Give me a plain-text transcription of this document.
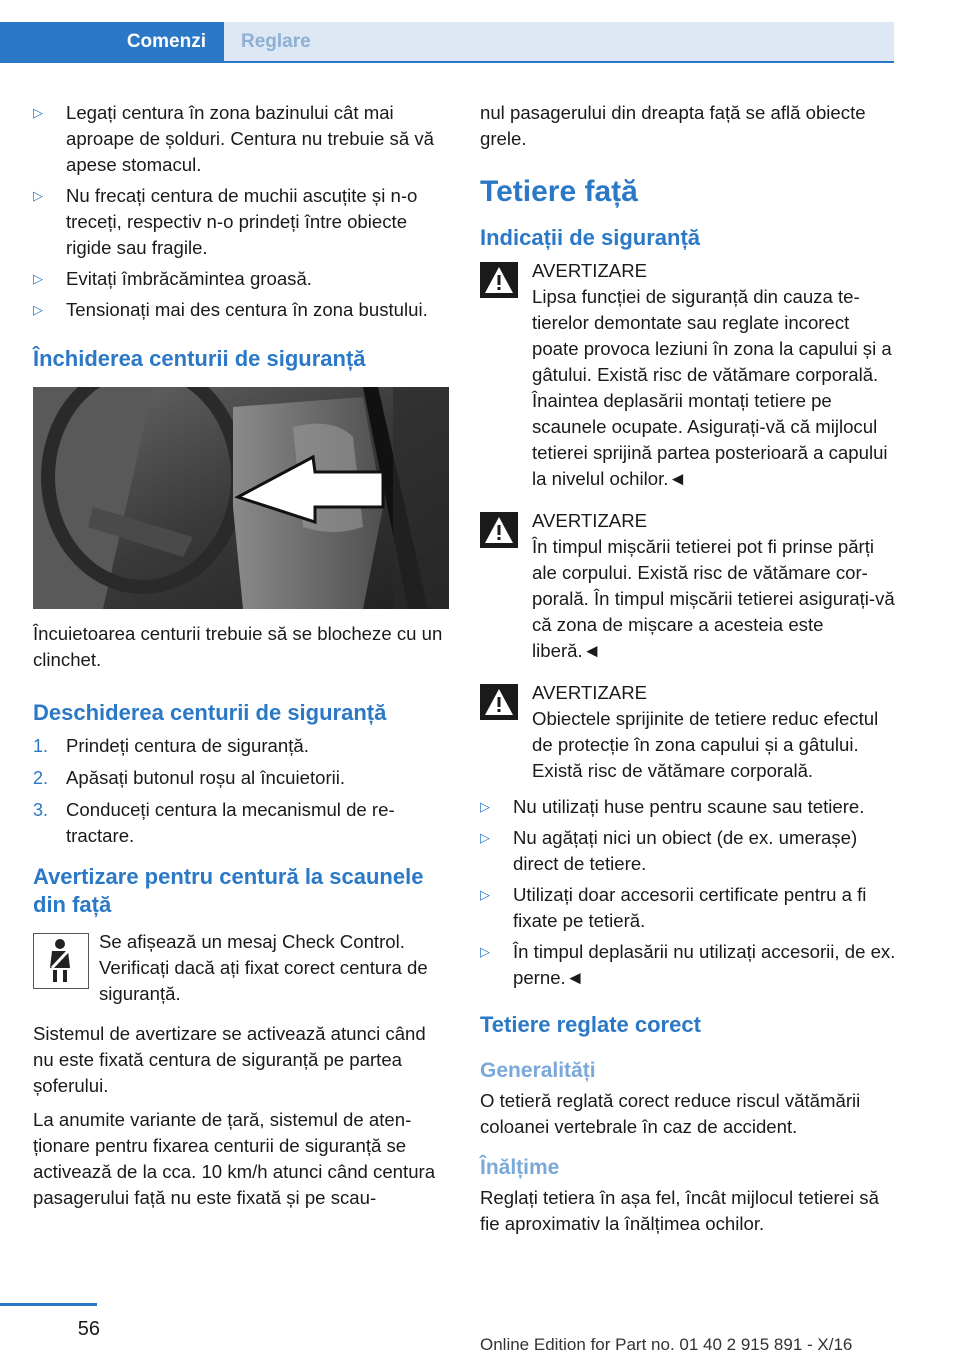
Comenzi Reglare
▷ Legați centura în zona bazinului cât mai aproape de șolduri. Centura nu trebuie să vă apese stomacul.
▷ Nu frecați centura de muchii ascuțite și n-o treceți, respectiv n-o prindeți între obiecte rigide sau fragile.
▷ Evitați îmbrăcămintea groasă.
▷ Tensionați mai des centura în zona bustului.
Închiderea centurii de siguranță

Încuietoarea centurii trebuie să se blocheze cu un clinchet.

Deschiderea centurii de siguranță
1. Prindeți centura de siguranță.
2. Apăsați butonul roșu al încuietorii.
3. Conduceți centura la mecanismul de retractare.
Avertizare pentru centură la scaunele din față
Se afișează un mesaj Check Control. Verificați dacă ați fixat corect centura de siguranță.

Sistemul de avertizare se activează atunci când nu este fixată centura de siguranță pe partea șoferului.

La anumite variante de țară, sistemul de atenționare pentru fixarea centurii de siguranță se activează de la cca. 10 km/h atunci când centura pasagerului față nu este fixată și pe scau-

nul pasagerului din dreapta față se află obiecte grele.

Tetiere față
Indicații de siguranță
AVERTIZARE
Lipsa funcției de siguranță din cauza tetierelor demontate sau reglate incorect poate provoca leziuni în zona la capului și a gâtului. Există risc de vătămare corporală. Înaintea deplasării montați tetiere pe scaunele ocupate. Asigurați-vă că mijlocul tetierei sprijină partea posterioară a capului la nivelul ochilor.◄
AVERTIZARE
În timpul mișcării tetierei pot fi prinse părți ale corpului. Există risc de vătămare corporală. În timpul mișcării tetierei asigurați-vă că zona de mișcare a acesteia este liberă.◄
AVERTIZARE
Obiectele sprijinite de tetiere reduc efectul de protecție în zona capului și a gâtului. Există risc de vătămare corporală.
▷ Nu utilizați huse pentru scaune sau tetiere.
▷ Nu agățați nici un obiect (de ex. umerașe) direct de tetiere.
▷ Utilizați doar accesorii certificate pentru a fi fixate pe tetieră.
▷ În timpul deplasării nu utilizați accesorii, de ex. perne.◄
Tetiere reglate corect
Generalități

O tetieră reglată corect reduce riscul vătămării coloanei vertebrale în caz de accident.

Înălțime

Reglați tetiera în așa fel, încât mijlocul tetierei să fie aproximativ la înălțimea ochilor.

56
Online Edition for Part no. 01 40 2 915 891 - X/16
